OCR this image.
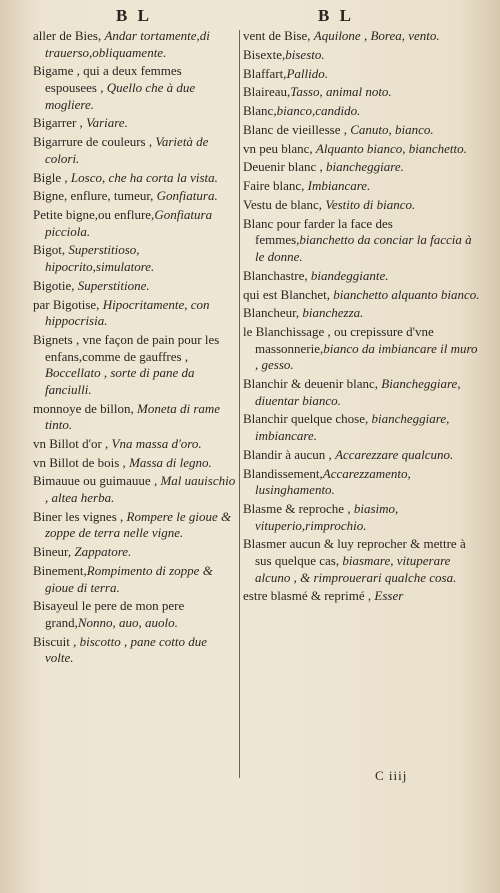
B L	B L
aller de Bies, Andar tortamente,di trauerso,obliquamente.
Bigame , qui a deux femmes espousees , Quello che à due mogliere.
Bigarrer , Variare.
Bigarrure de couleurs , Varietà de colori.
Bigle , Losco, che ha corta la vista.
Bigne, enflure, tumeur, Gonfiatura.
Petite bigne,ou enflure,Gonfiatura picciola.
Bigot, Superstitioso, hipocrito,simulatore.
Bigotie, Superstitione.
par Bigotise, Hipocritamente, con hippocrisia.
Bignets , vne façon de pain pour les enfans,comme de gauffres , Boccellato , sorte di pane da fanciulli.
monnoye de billon, Moneta di rame tinto.
vn Billot d'or , Vna massa d'oro.
vn Billot de bois , Massa di legno.
Bimauue ou guimauue , Mal uauischio , altea herba.
Biner les vignes , Rompere le gioue & zoppe de terra nelle vigne.
Bineur, Zappatore.
Binement,Rompimento di zoppe & gioue di terra.
Bisayeul le pere de mon pere grand,Nonno, auo, auolo.
Biscuit , biscotto , pane cotto due volte.
vent de Bise, Aquilone , Borea, vento.
Bisexte,bisesto.
Blaffart,Pallido.
Blaireau,Tasso, animal noto.
Blanc,bianco,candido.
Blanc de vieillesse , Canuto, bianco.
vn peu blanc, Alquanto bianco, bianchetto.
Deuenir blanc , biancheggiare.
Faire blanc, Imbiancare.
Vestu de blanc, Vestito di bianco.
Blanc pour farder la face des femmes,bianchetto da conciar la faccia à le donne.
Blanchastre, biandeggiante.
qui est Blanchet, bianchetto alquanto bianco.
Blancheur, bianchezza.
le Blanchissage , ou crepissure d'vne massonnerie,bianco da imbiancare il muro , gesso.
Blanchir & deuenir blanc, Biancheggiare, diuentar bianco.
Blanchir quelque chose, biancheggiare, imbiancare.
Blandir à aucun , Accarezzare qualcuno.
Blandissement,Accarezzamento, lusinghamento.
Blasme & reproche , biasimo, vituperio,rimprochio.
Blasmer aucun & luy reprocher & mettre à sus quelque cas, biasmare, vituperare alcuno , & rimprouerari qualche cosa.
estre blasmé & reprimé , Esser
C iiij
